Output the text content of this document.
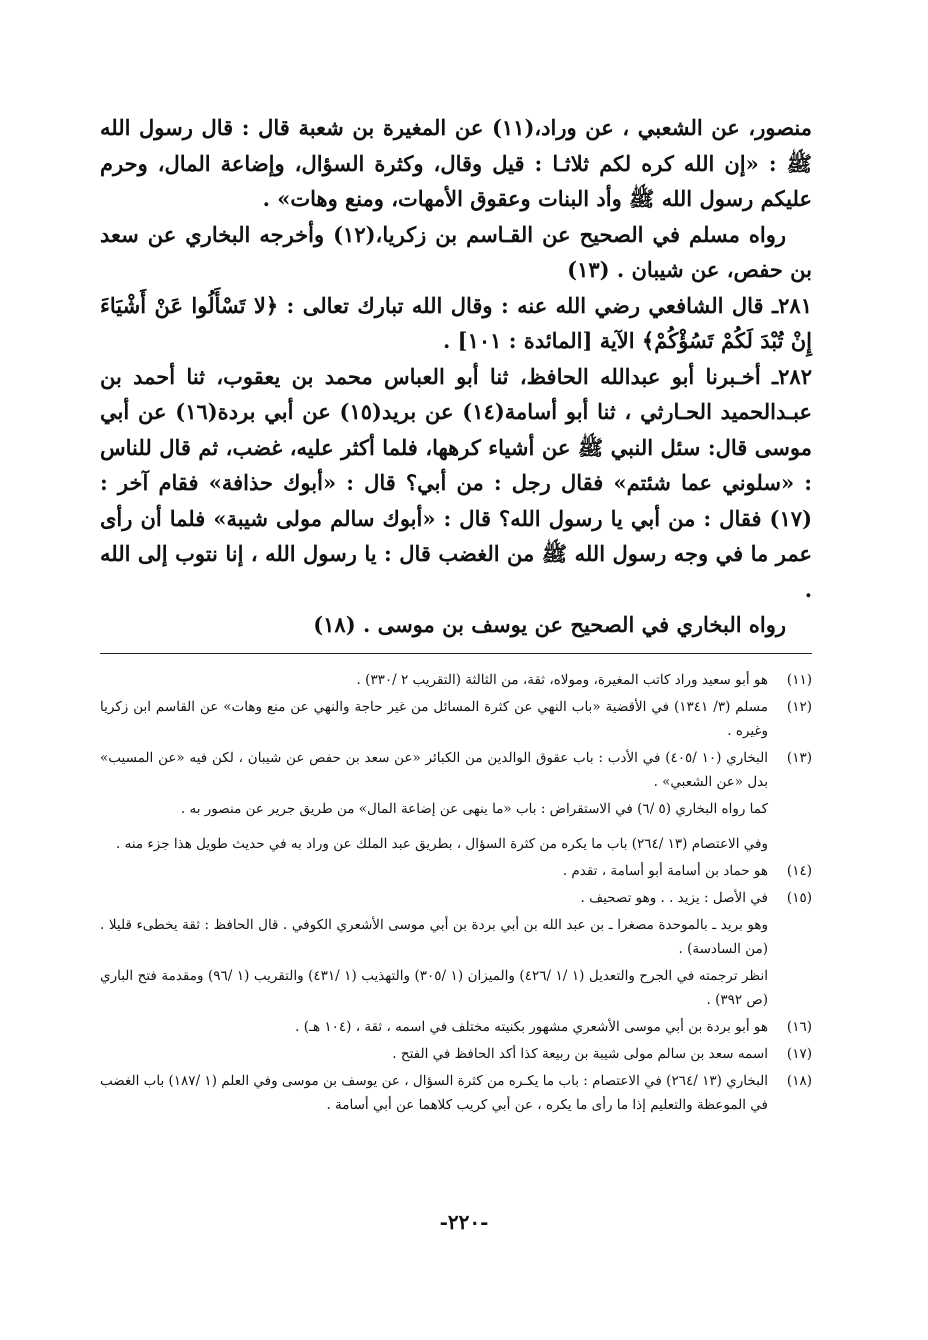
منصور، عن الشعبي ، عن وراد،(١١) عن المغيرة بن شعبة قال : قال رسول الله ﷺ : «إن الله كره لكم ثلاثـا : قيل وقال، وكثرة السؤال، وإضاعة المال، وحرم عليكم رسول الله ﷺ وأد البنات وعقوق الأمهات، ومنع وهات» .

رواه مسلم في الصحيح عن القـاسم بن زكريا،(١٢) وأخرجه البخاري عن سعد بن حفص، عن شيبان . (١٣)

٢٨١ـ قال الشافعي رضي الله عنه : وقال الله تبارك تعالى : ﴿لا تَسْأَلُوا عَنْ أَشْيَاءَ إِنْ تُبْدَ لَكُمْ تَسُؤْكُمْ﴾ الآية [المائدة : ١٠١] .

٢٨٢ـ أخـبرنا أبو عبدالله الحافظ، ثنا أبو العباس محمد بن يعقوب، ثنا أحمد بن عبـدالحميد الحـارثي ، ثنا أبو أسامة(١٤) عن بريد(١٥) عن أبي بردة(١٦) عن أبي موسى قال: سئل النبي ﷺ عن أشياء كرهها، فلما أكثر عليه، غضب، ثم قال للناس : «سلوني عما شئتم» فقال رجل : من أبي؟ قال : «أبوك حذافة» فقام آخر : (١٧) فقال : من أبي يا رسول الله؟ قال : «أبوك سالم مولى شيبة» فلما أن رأى عمر ما في وجه رسول الله ﷺ من الغضب قال : يا رسول الله ، إنا نتوب إلى الله .

رواه البخاري في الصحيح عن يوسف بن موسى . (١٨)

(١١)
هو أبو سعيد وراد كاتب المغيرة، ومولاه، ثقة، من الثالثة (التقريب ٢ /٣٣٠) .
(١٢)
مسلم (٣/ ١٣٤١) في الأقضية «باب النهي عن كثرة المسائل من غير حاجة والنهي عن منع وهات» عن القاسم ابن زكريا وغيره .
(١٣)
البخاري (١٠ /٤٠٥) في الأدب : باب عقوق الوالدين من الكبائر «عن سعد بن حفص عن شيبان ، لكن فيه «عن المسيب» بدل «عن الشعبي» .
كما رواه البخاري (٥ /٦) في الاستقراض : باب «ما ينهى عن إضاعة المال» من طريق جرير عن منصور به .
وفي الاعتصام (١٣ /٢٦٤) باب ما يكره من كثرة السؤال ، بطريق عبد الملك عن وراد به في حديث طويل هذا جزء منه .
(١٤)
هو حماد بن أسامة أبو أسامة ، تقدم .
(١٥)
في الأصل : يزيد . . وهو تصحيف .
وهو بريد ـ بالموحدة مصغرا ـ بن عبد الله بن أبي بردة بن أبي موسى الأشعري الكوفي . قال الحافظ : ثقة يخطىء قليلا . (من السادسة) .
انظر ترجمته في الجرح والتعديل (١ /١ /٤٢٦) والميزان (١ /٣٠٥) والتهذيب (١ /٤٣١) والتقريب (١ /٩٦) ومقدمة فتح الباري (ص ٣٩٢) .
(١٦)
هو أبو بردة بن أبي موسى الأشعري مشهور بكنيته مختلف في اسمه ، ثقة ، (١٠٤ هـ) .
(١٧)
اسمه سعد بن سالم مولى شيبة بن ربيعة كذا أكد الحافظ في الفتح .
(١٨)
البخاري (١٣ /٢٦٤) في الاعتصام : باب ما يكـره من كثرة السؤال ، عن يوسف بن موسى وفي العلم (١ /١٨٧) باب الغضب في الموعظة والتعليم إذا ما رأى ما يكره ، عن أبي كريب كلاهما عن أبي أسامة .
-٢٢٠-
